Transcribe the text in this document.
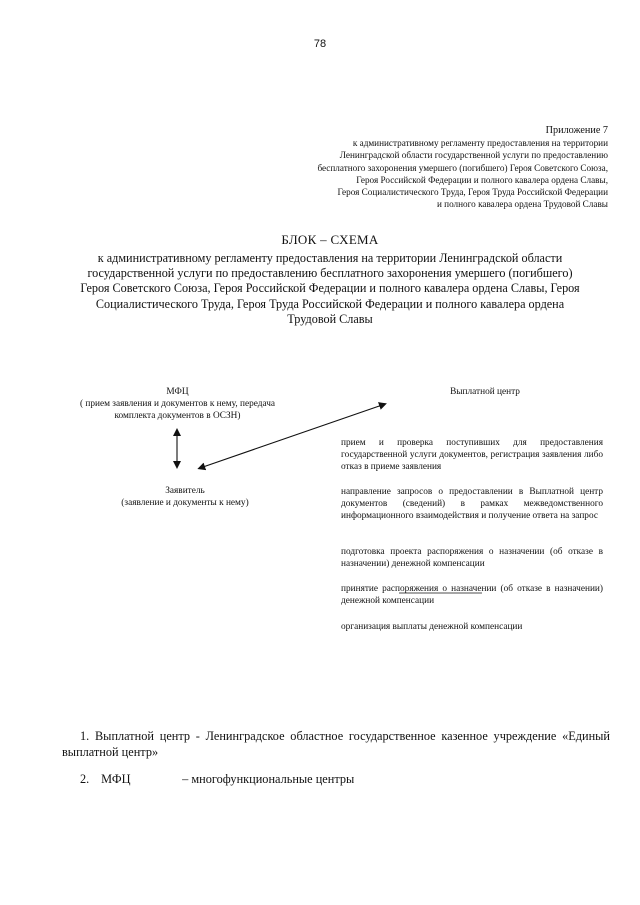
78
Приложение 7
к административному регламенту предоставления на территории
Ленинградской области государственной услуги по предоставлению
бесплатного захоронения умершего (погибшего) Героя Советского Союза,
Героя Российской Федерации и полного кавалера ордена Славы,
Героя Социалистического Труда, Героя Труда Российской Федерации
и полного кавалера ордена Трудовой Славы
БЛОК – СХЕМА
к административному регламенту предоставления на территории Ленинградской области
государственной услуги по предоставлению бесплатного захоронения умершего (погибшего)
Героя Советского Союза, Героя Российской Федерации и полного кавалера ордена Славы, Героя
Социалистического Труда, Героя Труда Российской Федерации и полного кавалера ордена
Трудовой Славы
МФЦ
( прием заявления и документов к нему, передача
комплекта документов в ОСЗН)
Заявитель
(заявление и документы к нему)
Выплатной центр
прием и проверка поступивших для предоставления государственной услуги документов, регистрация заявления либо отказ в приеме заявления
направление запросов о предоставлении в Выплатной центр документов (сведений) в рамках межведомственного информационного взаимодействия и получение ответа на запрос
подготовка проекта распоряжения о назначении (об отказе в назначении) денежной компенсации
принятие распоряжения о назначении (об отказе в назначении) денежной компенсации
организация выплаты денежной компенсации
1. Выплатной центр - Ленинградское областное государственное казенное учреждение «Единый выплатной центр»
2. МФЦ	– многофункциональные центры
